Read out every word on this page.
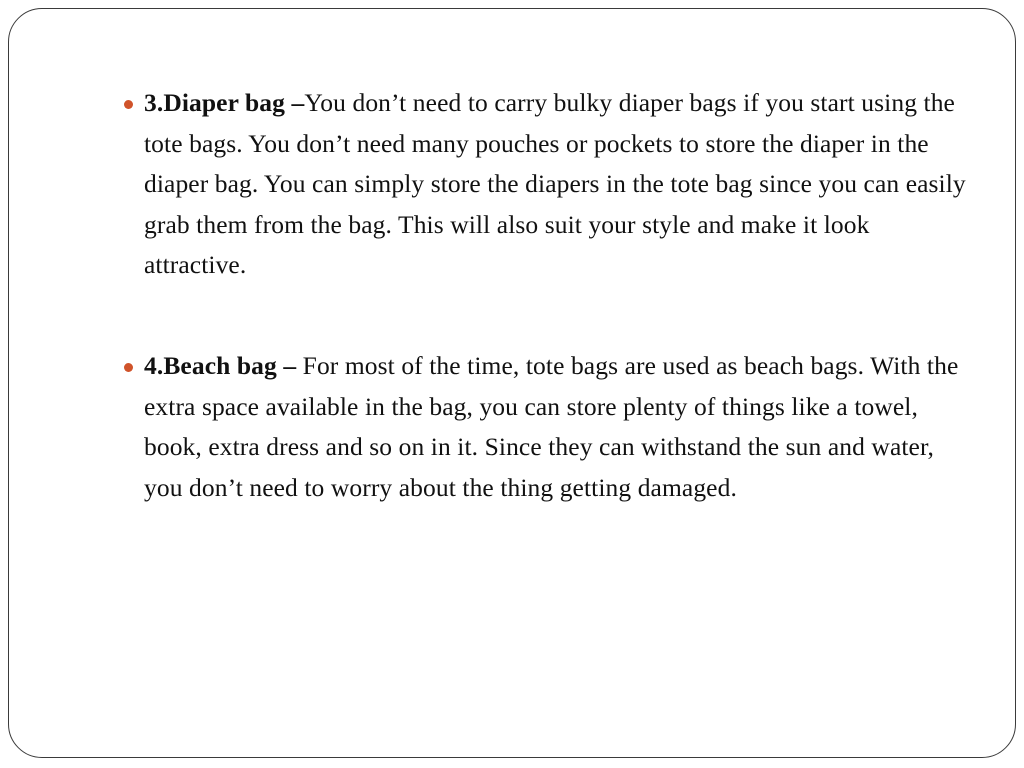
3.Diaper bag –You don’t need to carry bulky diaper bags if you start using the tote bags. You don’t need many pouches or pockets to store the diaper in the diaper bag. You can simply store the diapers in the tote bag since you can easily grab them from the bag. This will also suit your style and make it look attractive.
4.Beach bag – For most of the time, tote bags are used as beach bags. With the extra space available in the bag, you can store plenty of things like a towel, book, extra dress and so on in it. Since they can withstand the sun and water, you don’t need to worry about the thing getting damaged.
